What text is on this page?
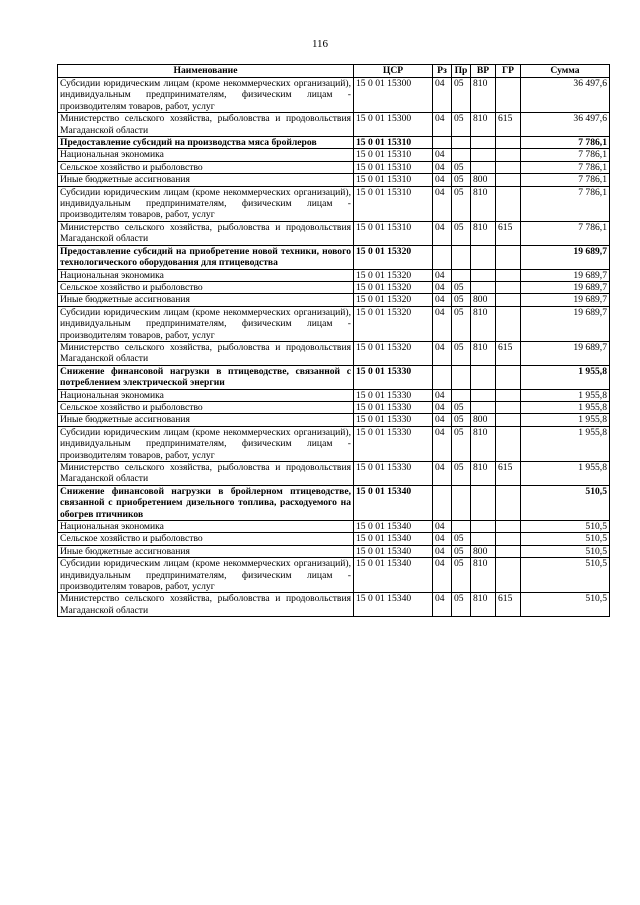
116
Наименование	ЦСР	Рз	Пр	ВР	ГР	Сумма
Субсидии юридическим лицам (кроме некоммерческих организаций), индивидуальным предпринимателям, физическим лицам - производителям товаров, работ, услуг	15 0 01 15300	04	05	810		36 497,6
Министерство сельского хозяйства, рыболовства и продовольствия Магаданской области	15 0 01 15300	04	05	810	615	36 497,6
Предоставление субсидий на производства мяса бройлеров	15 0 01 15310					7 786,1
Национальная экономика	15 0 01 15310	04				7 786,1
Сельское хозяйство и рыболовство	15 0 01 15310	04	05			7 786,1
Иные бюджетные ассигнования	15 0 01 15310	04	05	800		7 786,1
Субсидии юридическим лицам (кроме некоммерческих организаций), индивидуальным предпринимателям, физическим лицам - производителям товаров, работ, услуг	15 0 01 15310	04	05	810		7 786,1
Министерство сельского хозяйства, рыболовства и продовольствия Магаданской области	15 0 01 15310	04	05	810	615	7 786,1
Предоставление субсидий на приобретение новой техники, нового технологического оборудования для птицеводства	15 0 01 15320					19 689,7
Национальная экономика	15 0 01 15320	04				19 689,7
Сельское хозяйство и рыболовство	15 0 01 15320	04	05			19 689,7
Иные бюджетные ассигнования	15 0 01 15320	04	05	800		19 689,7
Субсидии юридическим лицам (кроме некоммерческих организаций), индивидуальным предпринимателям, физическим лицам - производителям товаров, работ, услуг	15 0 01 15320	04	05	810		19 689,7
Министерство сельского хозяйства, рыболовства и продовольствия Магаданской области	15 0 01 15320	04	05	810	615	19 689,7
Снижение финансовой нагрузки в птицеводстве, связанной с потреблением электрической энергии	15 0 01 15330					1 955,8
Национальная экономика	15 0 01 15330	04				1 955,8
Сельское хозяйство и рыболовство	15 0 01 15330	04	05			1 955,8
Иные бюджетные ассигнования	15 0 01 15330	04	05	800		1 955,8
Субсидии юридическим лицам (кроме некоммерческих организаций), индивидуальным предпринимателям, физическим лицам - производителям товаров, работ, услуг	15 0 01 15330	04	05	810		1 955,8
Министерство сельского хозяйства, рыболовства и продовольствия Магаданской области	15 0 01 15330	04	05	810	615	1 955,8
Снижение финансовой нагрузки в бройлерном птицеводстве, связанной с приобретением дизельного топлива, расходуемого на обогрев птичников	15 0 01 15340					510,5
Национальная экономика	15 0 01 15340	04				510,5
Сельское хозяйство и рыболовство	15 0 01 15340	04	05			510,5
Иные бюджетные ассигнования	15 0 01 15340	04	05	800		510,5
Субсидии юридическим лицам (кроме некоммерческих организаций), индивидуальным предпринимателям, физическим лицам - производителям товаров, работ, услуг	15 0 01 15340	04	05	810		510,5
Министерство сельского хозяйства, рыболовства и продовольствия Магаданской области	15 0 01 15340	04	05	810	615	510,5
